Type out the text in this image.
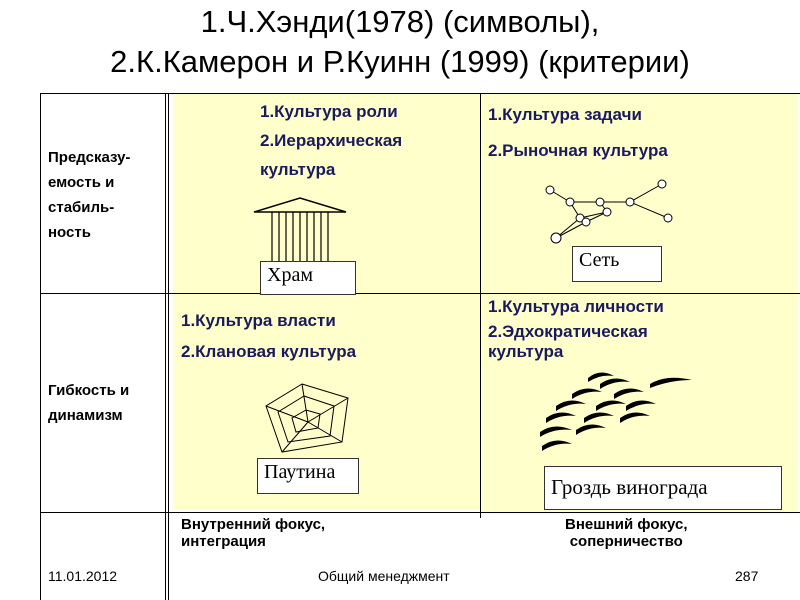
1.Ч.Хэнди(1978) (символы),
2.К.Камерон и Р.Куинн (1999) (критерии)
Предсказу-
емость и
стабиль-
ность
Гибкость и
динамизм
1.Культура роли
2.Иерархическая
культура
Храм
1.Культура задачи
2.Рыночная культура
Сеть
1.Культура власти
2.Клановая культура
Паутина
1.Культура личности
2.Эдхократическая
культура
Гроздь винограда
Внутренний фокус,
интеграция
Внешний фокус,
соперничество
11.01.2012	Общий менеджмент	287
